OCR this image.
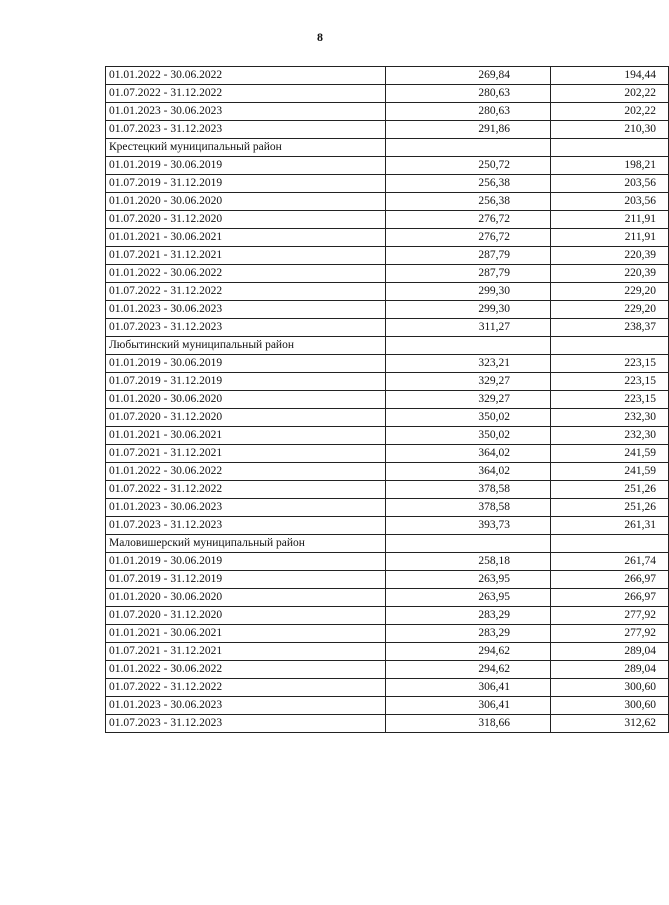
8
01.01.2022 - 30.06.2022	269,84	194,44
01.07.2022 - 31.12.2022	280,63	202,22
01.01.2023 - 30.06.2023	280,63	202,22
01.07.2023 - 31.12.2023	291,86	210,30
Крестецкий муниципальный район		
01.01.2019 - 30.06.2019	250,72	198,21
01.07.2019 - 31.12.2019	256,38	203,56
01.01.2020 - 30.06.2020	256,38	203,56
01.07.2020 - 31.12.2020	276,72	211,91
01.01.2021 - 30.06.2021	276,72	211,91
01.07.2021 - 31.12.2021	287,79	220,39
01.01.2022 - 30.06.2022	287,79	220,39
01.07.2022 - 31.12.2022	299,30	229,20
01.01.2023 - 30.06.2023	299,30	229,20
01.07.2023 - 31.12.2023	311,27	238,37
Любытинский муниципальный район		
01.01.2019 - 30.06.2019	323,21	223,15
01.07.2019 - 31.12.2019	329,27	223,15
01.01.2020 - 30.06.2020	329,27	223,15
01.07.2020 - 31.12.2020	350,02	232,30
01.01.2021 - 30.06.2021	350,02	232,30
01.07.2021 - 31.12.2021	364,02	241,59
01.01.2022 - 30.06.2022	364,02	241,59
01.07.2022 - 31.12.2022	378,58	251,26
01.01.2023 - 30.06.2023	378,58	251,26
01.07.2023 - 31.12.2023	393,73	261,31
Маловишерский муниципальный район		
01.01.2019 - 30.06.2019	258,18	261,74
01.07.2019 - 31.12.2019	263,95	266,97
01.01.2020 - 30.06.2020	263,95	266,97
01.07.2020 - 31.12.2020	283,29	277,92
01.01.2021 - 30.06.2021	283,29	277,92
01.07.2021 - 31.12.2021	294,62	289,04
01.01.2022 - 30.06.2022	294,62	289,04
01.07.2022 - 31.12.2022	306,41	300,60
01.01.2023 - 30.06.2023	306,41	300,60
01.07.2023 - 31.12.2023	318,66	312,62
